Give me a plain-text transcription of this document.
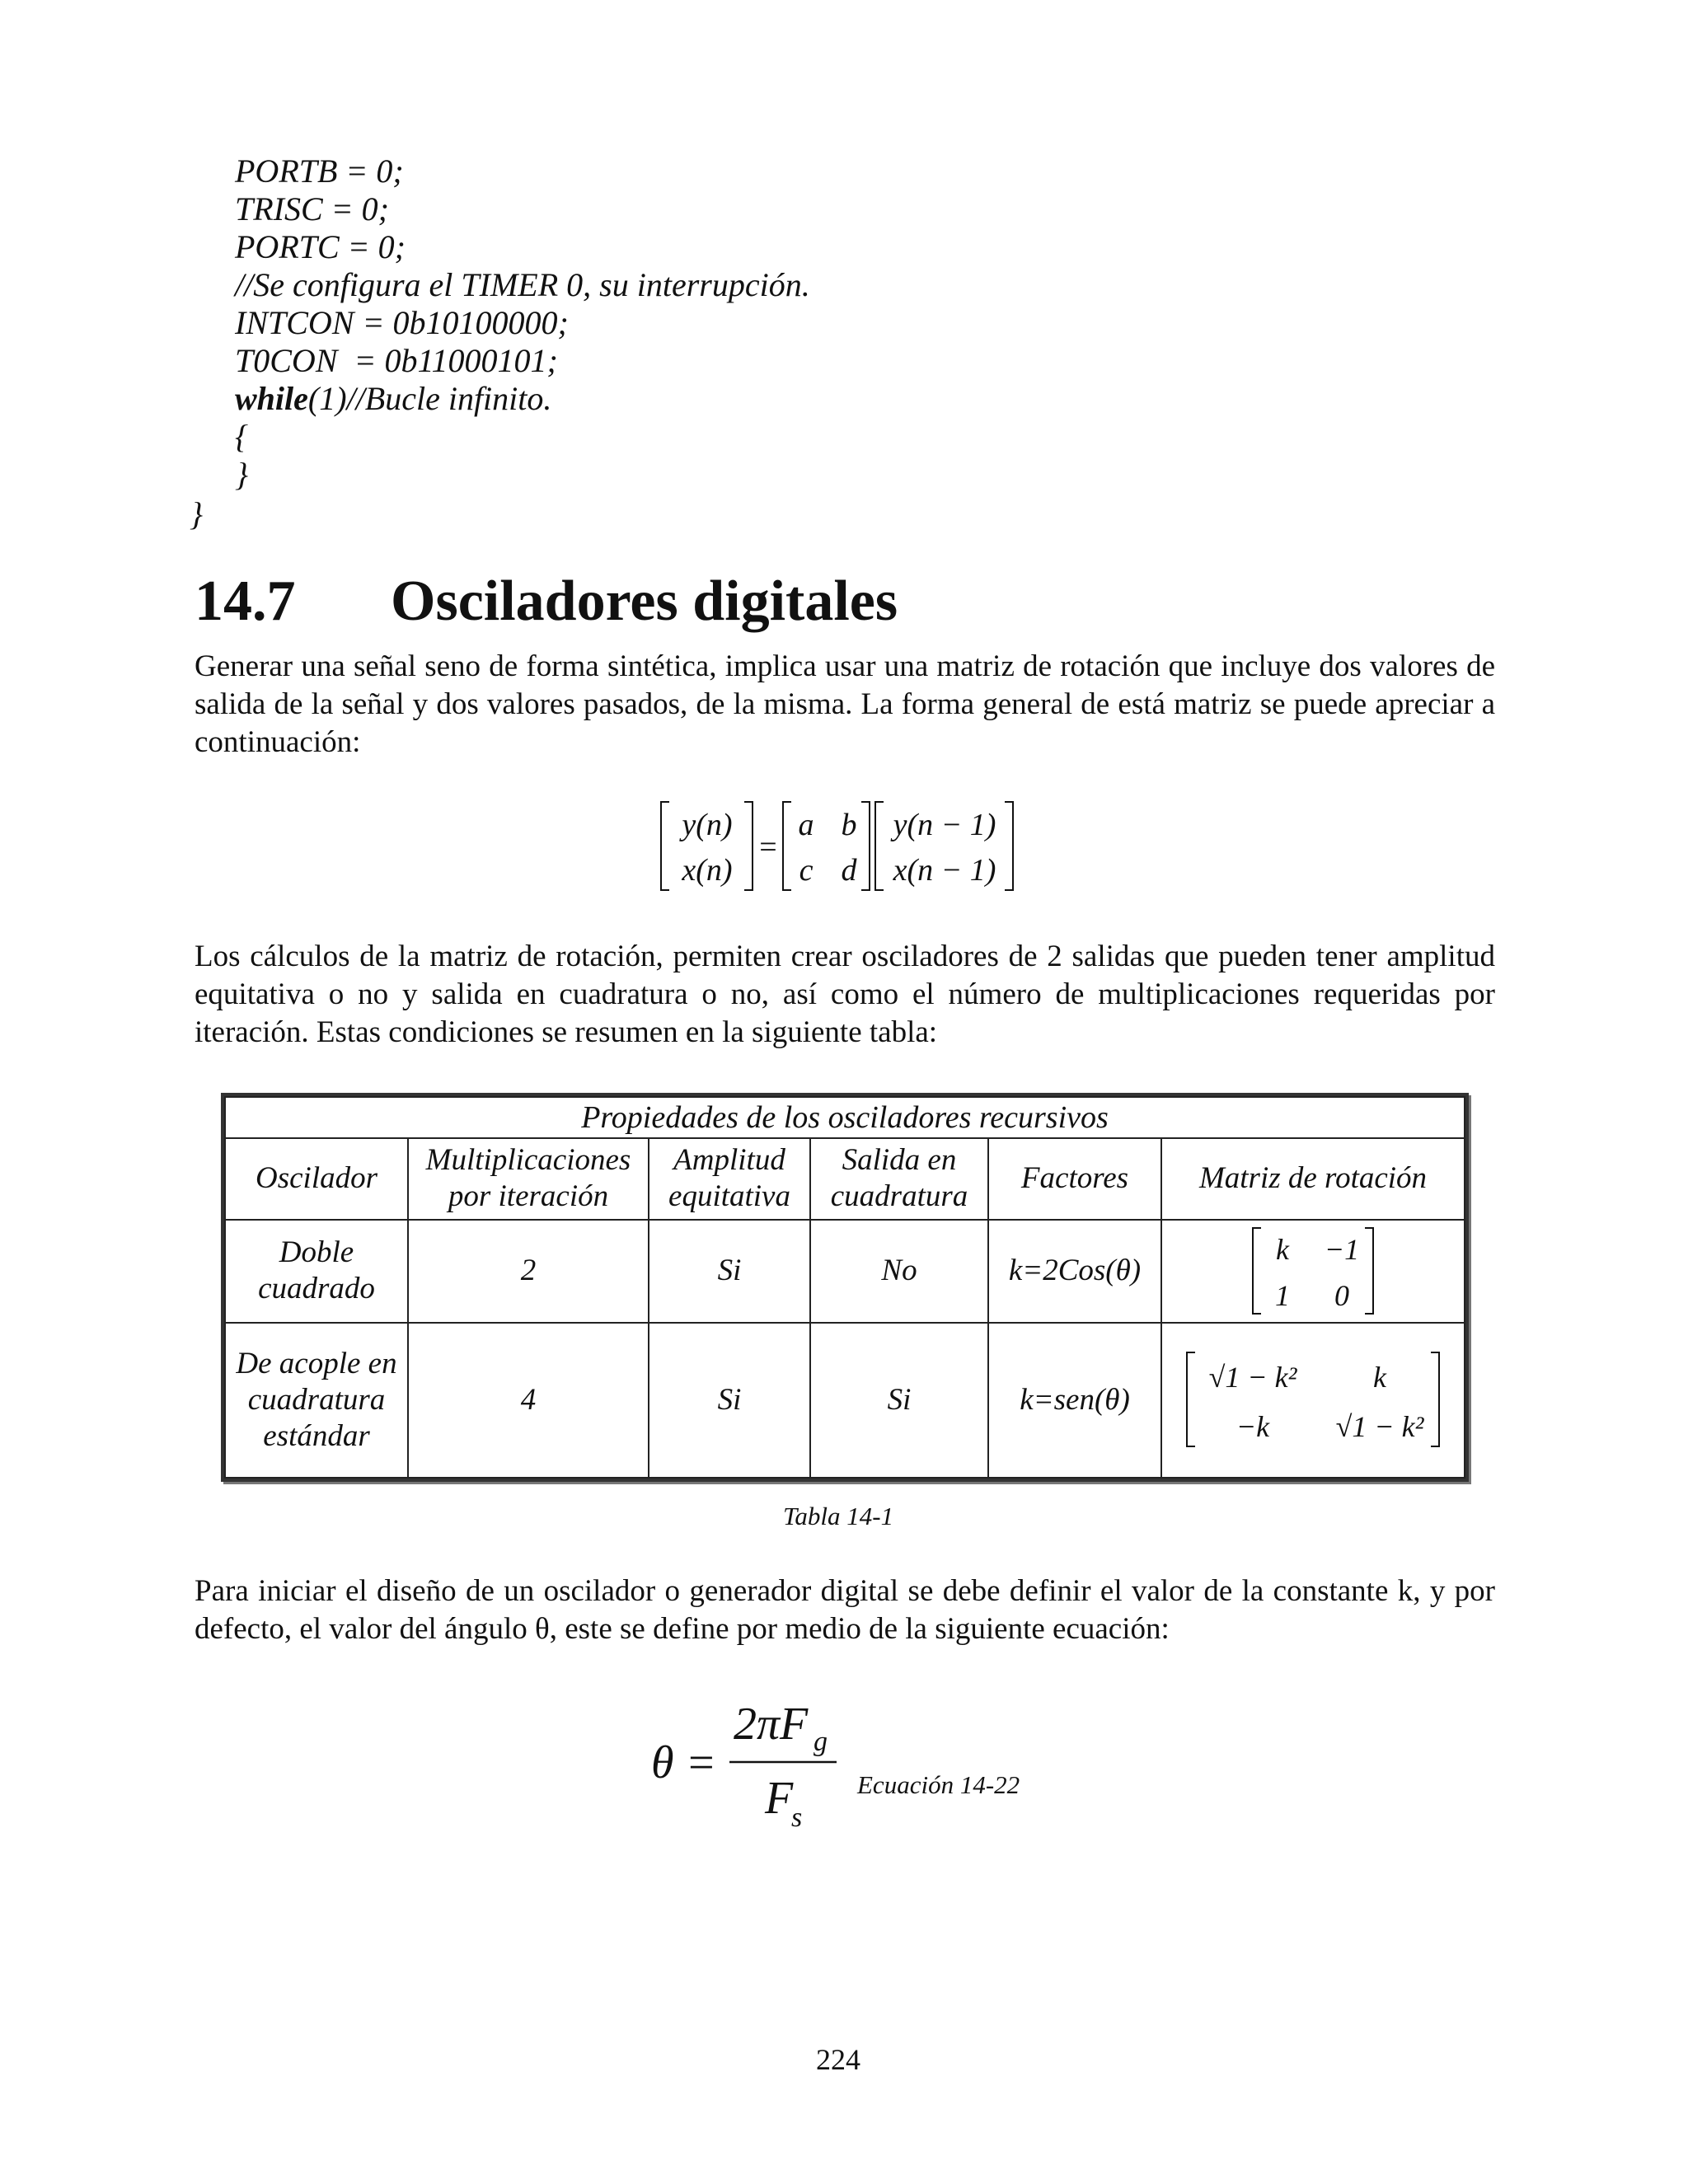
PORTB = 0;
TRISC = 0;
PORTC = 0;
//Se configura el TIMER 0, su interrupción.
INTCON = 0b10100000;
T0CON  = 0b11000101;
while(1)//Bucle infinito.
{
}
}
14.7 Osciladores digitales
Generar una señal seno de forma sintética, implica usar una matriz de rotación que incluye dos valores de salida de la señal y dos valores pasados, de la misma. La forma general de está matriz se puede apreciar a continuación:
y(n)
x(n)
=
a b
c d
y(n − 1)
x(n − 1)
Los cálculos de la matriz de rotación, permiten crear osciladores de 2 salidas que pueden tener amplitud equitativa o no y salida en cuadratura o no, así como el número de multiplicaciones requeridas por iteración. Estas condiciones se resumen en la siguiente tabla:
Propiedades de los osciladores recursivos					
Oscilador	Multiplicaciones por iteración	Amplitud equitativa	Salida en cuadratura	Factores	Matriz de rotación
Doble cuadrado	2	Si	No	k=2Cos(θ)	k −1
1 0

De acople en cuadratura estándar	4	Si	Si	k=sen(θ)	√1 − k² k
−k √1 − k²
Tabla 14-1
Para iniciar el diseño de un oscilador o generador digital se debe definir el valor de la constante k, y por defecto, el valor del ángulo θ, este se define por medio de la siguiente ecuación:
θ =
2πF g
F
s
Ecuación 14-22
224
